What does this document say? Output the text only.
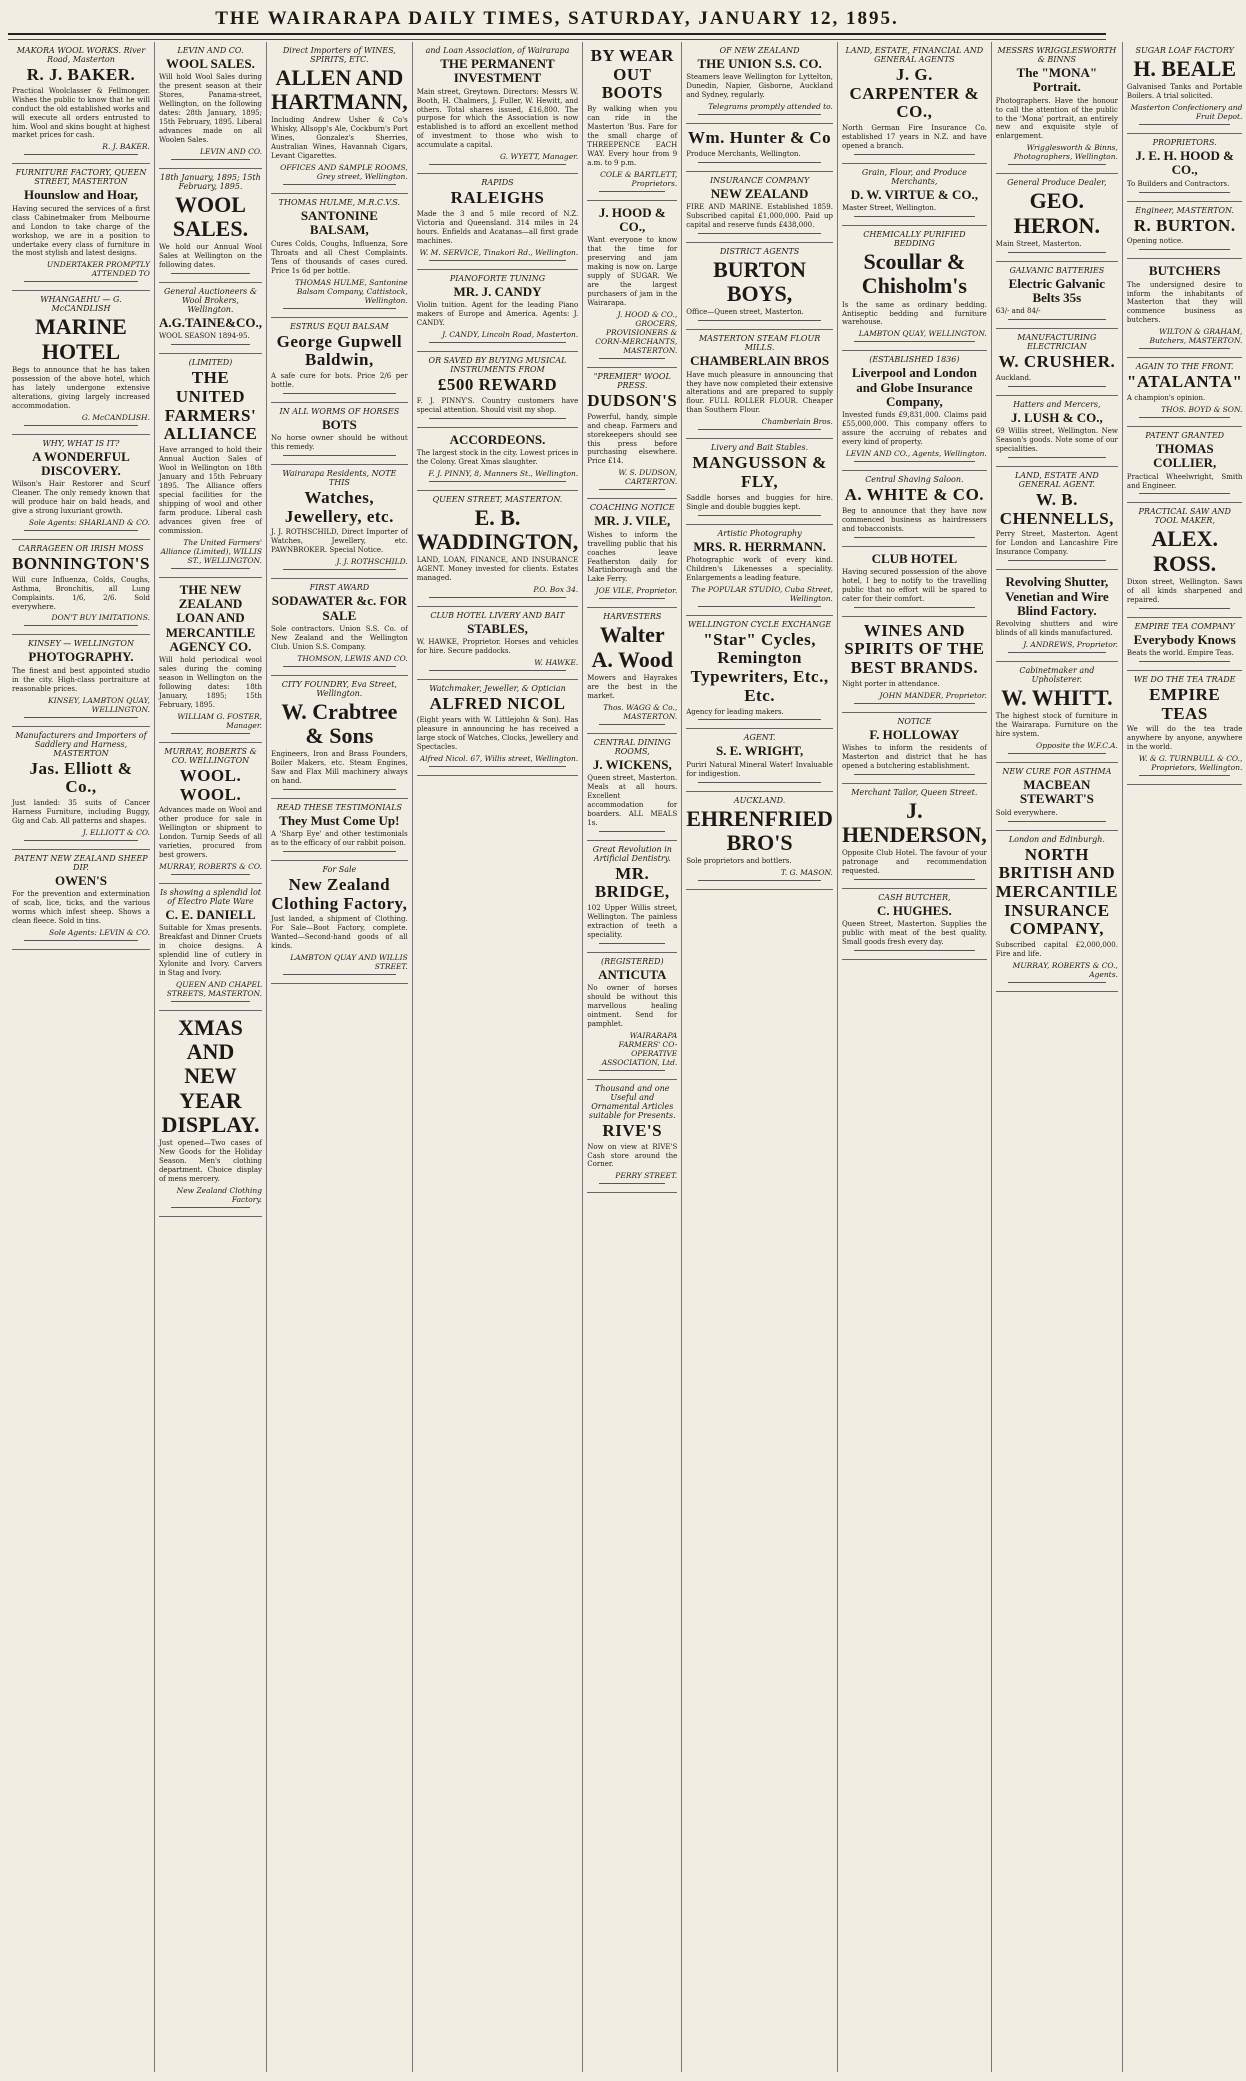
THE WAIRARAPA DAILY TIMES, SATURDAY, JANUARY 12, 1895.
MAKORA WOOL WORKS. River Road, Masterton
R. J. BAKER.
Practical Woolclasser & Fellmonger. Wishes the public to know that he will conduct the old established works and will execute all orders entrusted to him. Wool and skins bought at highest market prices for cash.
R. J. BAKER.
FURNITURE FACTORY, QUEEN STREET, MASTERTON
Hounslow and Hoar,
Having secured the services of a first class Cabinetmaker from Melbourne and London to take charge of the workshop, we are in a position to undertake every class of furniture in the most stylish and latest designs.
UNDERTAKER PROMPTLY ATTENDED TO
WHANGAEHU — G. McCANDLISH
MARINE HOTEL
Begs to announce that he has taken possession of the above hotel, which has lately undergone extensive alterations, giving largely increased accommodation.
G. McCANDLISH.
WHY, WHAT IS IT?
A WONDERFUL DISCOVERY.
Wilson's Hair Restorer and Scurf Cleaner. The only remedy known that will produce hair on bald heads, and give a strong luxuriant growth.
Sole Agents: SHARLAND & CO.
CARRAGEEN OR IRISH MOSS
BONNINGTON'S
Will cure Influenza, Colds, Coughs, Asthma, Bronchitis, all Lung Complaints. 1/6, 2/6. Sold everywhere.
DON'T BUY IMITATIONS.
KINSEY — WELLINGTON
PHOTOGRAPHY.
The finest and best appointed studio in the city. High-class portraiture at reasonable prices.
KINSEY, LAMBTON QUAY, WELLINGTON.
Manufacturers and Importers of Saddlery and Harness, MASTERTON
Jas. Elliott & Co.,
Just landed: 35 suits of Cancer Harness Furniture, including Buggy, Gig and Cab. All patterns and shapes.
J. ELLIOTT & CO.
PATENT NEW ZEALAND SHEEP DIP.
OWEN'S
For the prevention and extermination of scab, lice, ticks, and the various worms which infest sheep. Shows a clean fleece. Sold in tins.
Sole Agents: LEVIN & CO.
LEVIN AND CO.
WOOL SALES.
Will hold Wool Sales during the present season at their Stores, Panama-street, Wellington, on the following dates: 28th January, 1895; 15th February, 1895. Liberal advances made on all Woolen Sales.
LEVIN AND CO.
18th January, 1895; 15th February, 1895.
WOOL SALES.
We hold our Annual Wool Sales at Wellington on the following dates.
General Auctioneers & Wool Brokers, Wellington.
A.G.TAINE&CO.,
WOOL SEASON 1894-95.
(LIMITED)
THE UNITED FARMERS' ALLIANCE
Have arranged to hold their Annual Auction Sales of Wool in Wellington on 18th January and 15th February 1895. The Alliance offers special facilities for the shipping of wool and other farm produce. Liberal cash advances given free of commission.
The United Farmers' Alliance (Limited), WILLIS ST., WELLINGTON.
THE NEW ZEALAND LOAN AND MERCANTILE AGENCY CO.
Will hold periodical wool sales during the coming season in Wellington on the following dates: 18th January, 1895; 15th February, 1895.
WILLIAM G. FOSTER, Manager.
MURRAY, ROBERTS & CO. WELLINGTON
WOOL. WOOL.
Advances made on Wool and other produce for sale in Wellington or shipment to London. Turnip Seeds of all varieties, procured from best growers.
MURRAY, ROBERTS & CO.
Is showing a splendid lot of Electro Plate Ware
C. E. DANIELL
Suitable for Xmas presents. Breakfast and Dinner Cruets in choice designs. A splendid line of cutlery in Xylonite and Ivory. Carvers in Stag and Ivory.
QUEEN AND CHAPEL STREETS, MASTERTON.
XMAS AND NEW YEAR DISPLAY.
Just opened—Two cases of New Goods for the Holiday Season. Men's clothing department. Choice display of mens mercery.
New Zealand Clothing Factory.
Direct Importers of WINES, SPIRITS, ETC.
ALLEN AND HARTMANN,
Including Andrew Usher & Co's Whisky, Allsopp's Ale, Cockburn's Port Wines, Gonzalez's Sherries, Australian Wines, Havannah Cigars, Levant Cigarettes.
OFFICES AND SAMPLE ROOMS, Grey street, Wellington.
THOMAS HULME, M.R.C.V.S.
SANTONINE BALSAM,
Cures Colds, Coughs, Influenza, Sore Throats and all Chest Complaints. Tens of thousands of cases cured. Price 1s 6d per bottle.
THOMAS HULME, Santonine Balsam Company, Cattistock, Wellington.
ESTRUS EQUI BALSAM
George Gupwell Baldwin,
A safe cure for bots. Price 2/6 per bottle.
IN ALL WORMS OF HORSES
BOTS
No horse owner should be without this remedy.
Wairarapa Residents, NOTE THIS
Watches, Jewellery, etc.
J. J. ROTHSCHILD, Direct Importer of Watches, Jewellery, etc. PAWNBROKER. Special Notice.
J. J. ROTHSCHILD.
FIRST AWARD
SODAWATER &c. FOR SALE
Sole contractors. Union S.S. Co. of New Zealand and the Wellington Club. Union S.S. Company.
THOMSON, LEWIS AND CO.
CITY FOUNDRY, Eva Street, Wellington.
W. Crabtree & Sons
Engineers, Iron and Brass Founders, Boiler Makers, etc. Steam Engines, Saw and Flax Mill machinery always on hand.
READ THESE TESTIMONIALS
They Must Come Up!
A 'Sharp Eye' and other testimonials as to the efficacy of our rabbit poison.
For Sale
New Zealand Clothing Factory,
Just landed, a shipment of Clothing. For Sale—Boot Factory, complete. Wanted—Second-hand goods of all kinds.
LAMBTON QUAY AND WILLIS STREET.
and Loan Association, of Wairarapa
THE PERMANENT INVESTMENT
Main street, Greytown. Directors: Messrs W. Booth, H. Chalmers, J. Fuller, W. Hewitt, and others. Total shares issued, £16,800. The purpose for which the Association is now established is to afford an excellent method of investment to those who wish to accumulate a capital.
G. WYETT, Manager.
RAPIDS
RALEIGHS
Made the 3 and 5 mile record of N.Z. Victoria and Queensland. 314 miles in 24 hours. Enfields and Acatanas—all first grade machines.
W. M. SERVICE, Tinakori Rd., Wellington.
PIANOFORTE TUNING
MR. J. CANDY
Violin tuition. Agent for the leading Piano makers of Europe and America. Agents: J. CANDY.
J. CANDY, Lincoln Road, Masterton.
OR SAVED BY BUYING MUSICAL INSTRUMENTS FROM
£500 REWARD
F. J. PINNY'S. Country customers have special attention. Should visit my shop.
ACCORDEONS.
The largest stock in the city. Lowest prices in the Colony. Great Xmas slaughter.
F. J. PINNY, 8, Manners St., Wellington.
QUEEN STREET, MASTERTON.
E. B. WADDINGTON,
LAND, LOAN, FINANCE, AND INSURANCE AGENT. Money invested for clients. Estates managed.
P.O. Box 34.
CLUB HOTEL LIVERY AND BAIT
STABLES,
W. HAWKE, Proprietor. Horses and vehicles for hire. Secure paddocks.
W. HAWKE.
Watchmaker, Jeweller, & Optician
ALFRED NICOL
(Eight years with W. Littlejohn & Son). Has pleasure in announcing he has received a large stock of Watches, Clocks, Jewellery and Spectacles.
Alfred Nicol. 67, Willis street, Wellington.
BY WEAR OUT BOOTS
By walking when you can ride in the Masterton 'Bus. Fare for the small charge of THREEPENCE EACH WAY. Every hour from 9 a.m. to 9 p.m.
COLE & BARTLETT, Proprietors.
J. HOOD & CO.,
Want everyone to know that the time for preserving and jam making is now on. Large supply of SUGAR. We are the largest purchasers of jam in the Wairarapa.
J. HOOD & CO., GROCERS, PROVISIONERS & CORN-MERCHANTS, MASTERTON.
"PREMIER" WOOL PRESS.
DUDSON'S
Powerful, handy, simple and cheap. Farmers and storekeepers should see this press before purchasing elsewhere. Price £14.
W. S. DUDSON, CARTERTON.
COACHING NOTICE
MR. J. VILE,
Wishes to inform the travelling public that his coaches leave Featherston daily for Martinborough and the Lake Ferry.
JOE VILE, Proprietor.
HARVESTERS
Walter A. Wood
Mowers and Hayrakes are the best in the market.
Thos. WAGG & Co., MASTERTON.
CENTRAL DINING ROOMS,
J. WICKENS,
Queen street, Masterton. Meals at all hours. Excellent accommodation for boarders. ALL MEALS 1s.
Great Revolution in Artificial Dentistry.
MR. BRIDGE,
102 Upper Willis street, Wellington. The painless extraction of teeth a speciality.
(REGISTERED)
ANTICUTA
No owner of horses should be without this marvellous healing ointment. Send for pamphlet.
WAIRARAPA FARMERS' CO-OPERATIVE ASSOCIATION, Ltd.
Thousand and one Useful and Ornamental Articles suitable for Presents.
RIVE'S
Now on view at RIVE'S Cash store around the Corner.
PERRY STREET.
OF NEW ZEALAND
THE UNION S.S. CO.
Steamers leave Wellington for Lyttelton, Dunedin, Napier, Gisborne, Auckland and Sydney, regularly.
Telegrams promptly attended to.
Wm. Hunter & Co
Produce Merchants, Wellington.
INSURANCE COMPANY
NEW ZEALAND
FIRE AND MARINE. Established 1859. Subscribed capital £1,000,000. Paid up capital and reserve funds £438,000.
DISTRICT AGENTS
BURTON BOYS,
Office—Queen street, Masterton.
MASTERTON STEAM FLOUR MILLS.
CHAMBERLAIN BROS
Have much pleasure in announcing that they have now completed their extensive alterations and are prepared to supply flour. FULL ROLLER FLOUR. Cheaper than Southern Flour.
Chamberlain Bros.
Livery and Bait Stables.
MANGUSSON & FLY,
Saddle horses and buggies for hire. Single and double buggies kept.
Artistic Photography
MRS. R. HERRMANN.
Photographic work of every kind. Children's Likenesses a speciality. Enlargements a leading feature.
The POPULAR STUDIO, Cuba Street, Wellington.
WELLINGTON CYCLE EXCHANGE
"Star" Cycles, Remington Typewriters, Etc., Etc.
Agency for leading makers.
AGENT.
S. E. WRIGHT,
Puriri Natural Mineral Water! Invaluable for indigestion.
AUCKLAND.
EHRENFRIED BRO'S
Sole proprietors and bottlers.
T. G. MASON.
LAND, ESTATE, FINANCIAL AND GENERAL AGENTS
J. G. CARPENTER & CO.,
North German Fire Insurance Co. established 17 years in N.Z. and have opened a branch.
Grain, Flour, and Produce Merchants,
D. W. VIRTUE & CO.,
Master Street, Wellington.
CHEMICALLY PURIFIED BEDDING
Scoullar & Chisholm's
Is the same as ordinary bedding. Antiseptic bedding and furniture warehouse.
LAMBTON QUAY, WELLINGTON.
(ESTABLISHED 1836)
Liverpool and London and Globe Insurance Company,
Invested funds £9,831,000. Claims paid £55,000,000. This company offers to assure the accruing of rebates and every kind of property.
LEVIN AND CO., Agents, Wellington.
Central Shaving Saloon.
A. WHITE & CO.
Beg to announce that they have now commenced business as hairdressers and tobacconists.
CLUB HOTEL
Having secured possession of the above hotel, I beg to notify to the travelling public that no effort will be spared to cater for their comfort.
WINES AND SPIRITS OF THE BEST BRANDS.
Night porter in attendance.
JOHN MANDER, Proprietor.
NOTICE
F. HOLLOWAY
Wishes to inform the residents of Masterton and district that he has opened a butchering establishment.
Merchant Tailor, Queen Street.
J. HENDERSON,
Opposite Club Hotel. The favour of your patronage and recommendation requested.
CASH BUTCHER,
C. HUGHES.
Queen Street, Masterton. Supplies the public with meat of the best quality. Small goods fresh every day.
MESSRS WRIGGLESWORTH & BINNS
The "MONA" Portrait.
Photographers. Have the honour to call the attention of the public to the 'Mona' portrait, an entirely new and exquisite style of enlargement.
Wrigglesworth & Binns, Photographers, Wellington.
General Produce Dealer,
GEO. HERON.
Main Street, Masterton.
GALVANIC BATTERIES
Electric Galvanic Belts 35s
63/- and 84/-
MANUFACTURING ELECTRICIAN
W. CRUSHER.
Auckland.
Hatters and Mercers,
J. LUSH & CO.,
69 Willis street, Wellington. New Season's goods. Note some of our specialities.
LAND, ESTATE AND GENERAL AGENT.
W. B. CHENNELLS,
Perry Street, Masterton. Agent for London and Lancashire Fire Insurance Company.
Revolving Shutter, Venetian and Wire Blind Factory.
Revolving shutters and wire blinds of all kinds manufactured.
J. ANDREWS, Proprietor.
Cabinetmaker and Upholsterer.
W. WHITT.
The highest stock of furniture in the Wairarapa. Furniture on the hire system.
Opposite the W.F.C.A.
NEW CURE FOR ASTHMA
MACBEAN STEWART'S
Sold everywhere.
London and Edinburgh.
NORTH BRITISH AND MERCANTILE INSURANCE COMPANY,
Subscribed capital £2,000,000. Fire and life.
MURRAY, ROBERTS & CO., Agents.
SUGAR LOAF FACTORY
H. BEALE
Galvanised Tanks and Portable Boilers. A trial solicited.
Masterton Confectionery and Fruit Depot.
PROPRIETORS.
J. E. H. HOOD & CO.,
To Builders and Contractors.
Engineer, MASTERTON.
R. BURTON.
Opening notice.
BUTCHERS
The undersigned desire to inform the inhabitants of Masterton that they will commence business as butchers.
WILTON & GRAHAM, Butchers, MASTERTON.
AGAIN TO THE FRONT.
"ATALANTA"
A champion's opinion.
THOS. BOYD & SON.
PATENT GRANTED
THOMAS COLLIER,
Practical Wheelwright, Smith and Engineer.
PRACTICAL SAW AND TOOL MAKER,
ALEX. ROSS.
Dixon street, Wellington. Saws of all kinds sharpened and repaired.
EMPIRE TEA COMPANY
Everybody Knows
Beats the world. Empire Teas.
WE DO THE TEA TRADE
EMPIRE TEAS
We will do the tea trade anywhere by anyone, anywhere in the world.
W. & G. TURNBULL & CO., Proprietors, Wellington.
